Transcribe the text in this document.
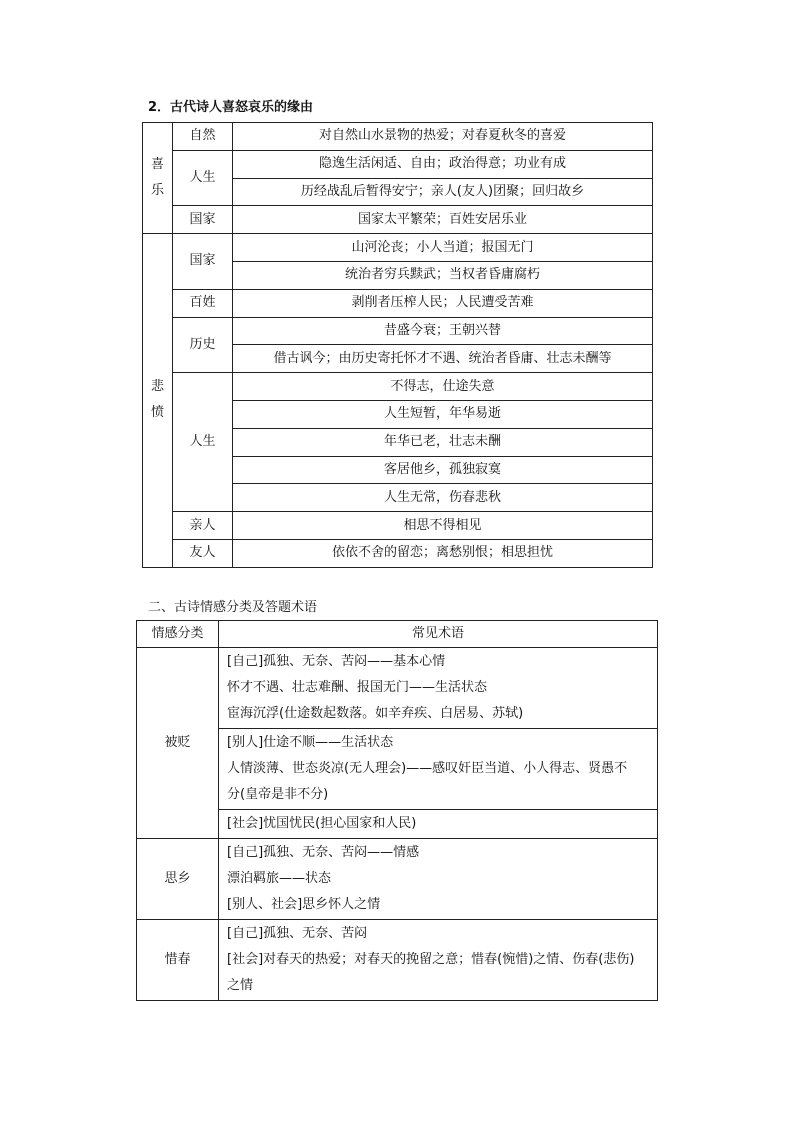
2．古代诗人喜怒哀乐的缘由
喜
乐	自然	对自然山水景物的热爱；对春夏秋冬的喜爱
	人生	隐逸生活闲适、自由；政治得意；功业有成
		历经战乱后暂得安宁；亲人(友人)团聚；回归故乡
	国家	国家太平繁荣；百姓安居乐业

悲
愤	国家	山河沦丧；小人当道；报国无门
		统治者穷兵黩武；当权者昏庸腐朽
	百姓	剥削者压榨人民；人民遭受苦难
	历史	昔盛今衰；王朝兴替
		借古讽今；由历史寄托怀才不遇、统治者昏庸、壮志未酬等
	人生	不得志，仕途失意
		人生短暂，年华易逝
		年华已老，壮志未酬
		客居他乡，孤独寂寞
		人生无常，伤春悲秋
	亲人	相思不得相见
	友人	依依不舍的留恋；离愁别恨；相思担忧
二、古诗情感分类及答题术语
情感分类	常见术语
被贬	[自己]孤独、无奈、苦闷——基本心情
怀才不遇、壮志难酬、报国无门——生活状态
宦海沉浮(仕途数起数落。如辛弃疾、白居易、苏轼)

	[别人]仕途不顺——生活状态
人情淡薄、世态炎凉(无人理会)——感叹奸臣当道、小人得志、贤愚不
分(皇帝是非不分)

	[社会]忧国忧民(担心国家和人民)

思乡	[自己]孤独、无奈、苦闷——情感
漂泊羁旅——状态
[别人、社会]思乡怀人之情

惜春	[自己]孤独、无奈、苦闷
[社会]对春天的热爱；对春天的挽留之意；惜春(惋惜)之情、伤春(悲伤)
之情
